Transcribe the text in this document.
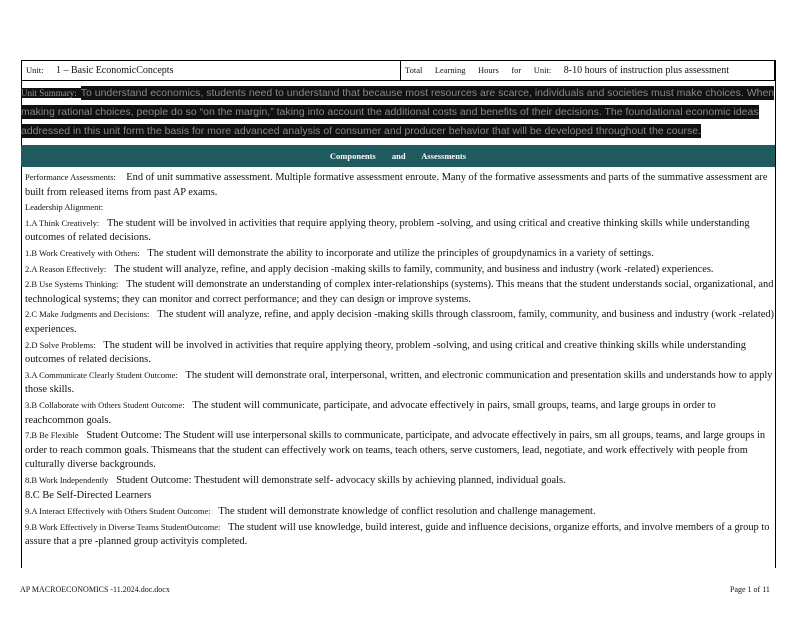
Unit: 1 – Basic EconomicConcepts	Total Learning Hours for Unit: 8-10 hours of instruction plus assessment
Unit Summary: To understand economics, students need to understand that because most resources are scarce, individuals and societies must make choices. When making rational choices, people do so “on the margin,” taking into account the additional costs and benefits of their decisions. The foundational economic ideas addressed in this unit form the basis for more advanced analysis of consumer and producer behavior that will be developed throughout the course.
Components and Assessments

Performance Assessments: End of unit summative assessment. Multiple formative assessment enroute. Many of the formative assessments and parts of the summative assessment are built from released items from past AP exams.

Leadership Alignment:

1.A Think Creatively: The student will be involved in activities that require applying theory, problem -solving, and using critical and creative thinking skills while understanding outcomes of related decisions.

1.B Work Creatively with Others: The student will demonstrate the ability to incorporate and utilize the principles of groupdynamics in a variety of settings.

2.A Reason Effectively: The student will analyze, refine, and apply decision -making skills to family, community, and business and industry (work -related) experiences.

2.B Use Systems Thinking: The student will demonstrate an understanding of complex inter-relationships (systems). This means that the student understands social, organizational, and technological systems; they can monitor and correct performance; and they can design or improve systems.

2.C Make Judgments and Decisions: The student will analyze, refine, and apply decision -making skills through classroom, family, community, and business and industry (work -related) experiences.

2.D Solve Problems: The student will be involved in activities that require applying theory, problem -solving, and using critical and creative thinking skills while understanding outcomes of related decisions.

3.A Communicate Clearly Student Outcome: The student will demonstrate oral, interpersonal, written, and electronic communication and presentation skills and understands how to apply those skills.

3.B Collaborate with Others Student Outcome: The student will communicate, participate, and advocate effectively in pairs, small groups, teams, and large groups in order to reachcommon goals.

7.B Be Flexible Student Outcome: The Student will use interpersonal skills to communicate, participate, and advocate effectively in pairs, sm all groups, teams, and large groups in order to reach common goals. Thismeans that the student can effectively work on teams, teach others, serve customers, lead, negotiate, and work effectively with people from culturally diverse backgrounds.

8.B Work Independently Student Outcome: Thestudent will demonstrate self- advocacy skills by achieving planned, individual goals.

8.C Be Self-Directed Learners

9.A Interact Effectively with Others Student Outcome: The student will demonstrate knowledge of conflict resolution and challenge management.

9.B Work Effectively in Diverse Teams StudentOutcome: The student will use knowledge, build interest, guide and influence decisions, organize efforts, and involve members of a group to assure that a pre -planned group activityis completed.

AP MACROECONOMICS -11.2024.doc.docx	Page 1 of 11
